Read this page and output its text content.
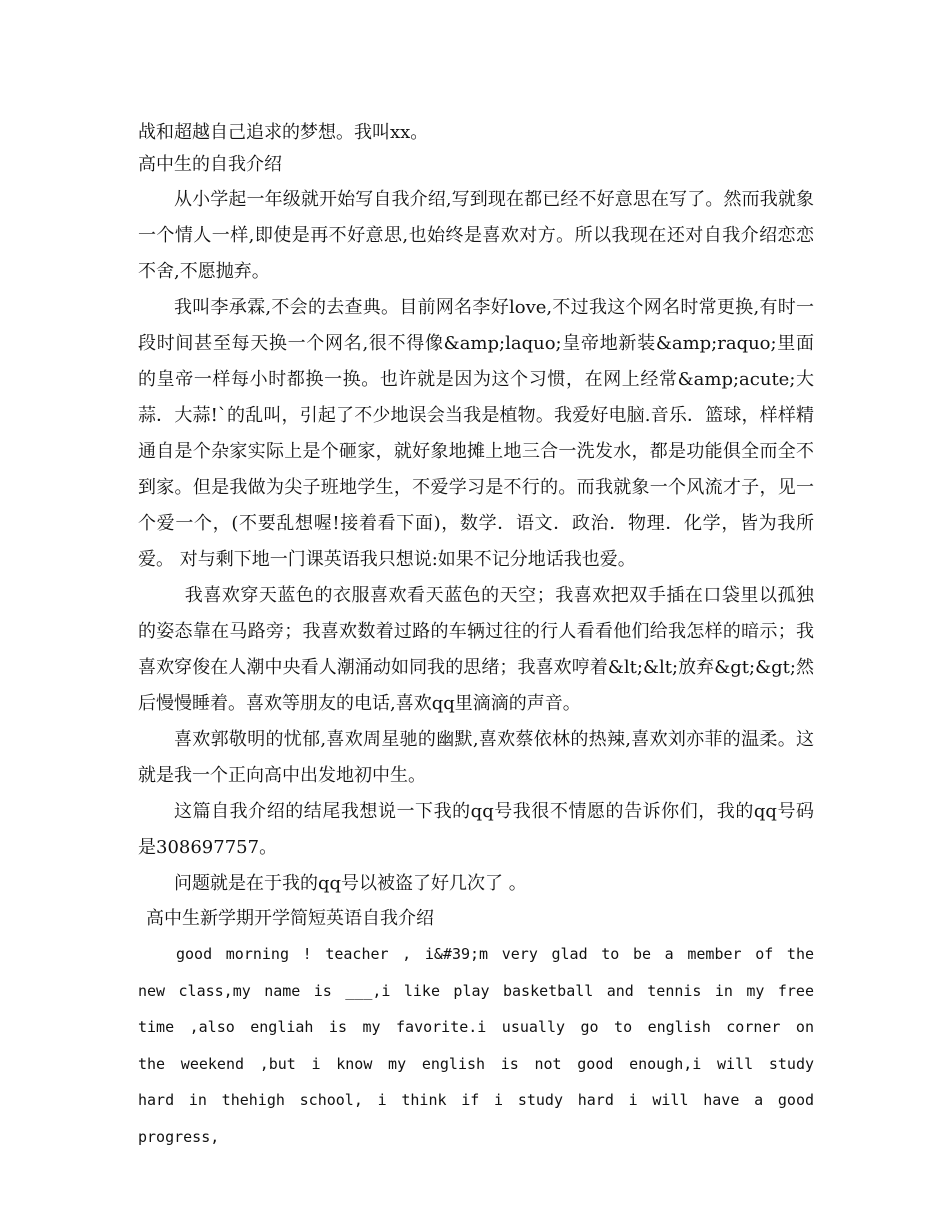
战和超越自己追求的梦想。我叫xx。

高中生的自我介绍

从小学起一年级就开始写自我介绍,写到现在都已经不好意思在写了。然而我就象一个情人一样,即使是再不好意思,也始终是喜欢对方。所以我现在还对自我介绍恋恋不舍,不愿抛弃。

我叫李承霖,不会的去查典。目前网名李好love,不过我这个网名时常更换,有时一段时间甚至每天换一个网名,很不得像&amp;laquo;皇帝地新装&amp;raquo;里面的皇帝一样每小时都换一换。也许就是因为这个习惯，在网上经常&amp;acute;大蒜．大蒜!`的乱叫，引起了不少地误会当我是植物。我爱好电脑.音乐．篮球，样样精通自是个杂家实际上是个砸家，就好象地摊上地三合一洗发水，都是功能俱全而全不到家。但是我做为尖子班地学生，不爱学习是不行的。而我就象一个风流才子，见一个爱一个，(不要乱想喔!接着看下面)，数学．语文．政治．物理．化学，皆为我所爱。 对与剩下地一门课英语我只想说:如果不记分地话我也爱。

我喜欢穿天蓝色的衣服喜欢看天蓝色的天空；我喜欢把双手插在口袋里以孤独的姿态靠在马路旁；我喜欢数着过路的车辆过往的行人看看他们给我怎样的暗示；我喜欢穿俊在人潮中央看人潮涌动如同我的思绪；我喜欢哼着&lt;&lt;放弃&gt;&gt;然后慢慢睡着。喜欢等朋友的电话,喜欢qq里滴滴的声音。

喜欢郭敬明的忧郁,喜欢周星驰的幽默,喜欢蔡依林的热辣,喜欢刘亦菲的温柔。这就是我一个正向高中出发地初中生。

这篇自我介绍的结尾我想说一下我的qq号我很不情愿的告诉你们，我的qq号码是308697757。

问题就是在于我的qq号以被盗了好几次了 。

高中生新学期开学简短英语自我介绍

good morning ! teacher , i&#39;m very glad to be a member of the new class,my name is ___,i like play basketball and tennis in my free time ,also engliah is my favorite.i usually go to english corner on the weekend ,but i know my english is not good enough,i will study hard in thehigh school, i think if i study hard i will have a good progress,
